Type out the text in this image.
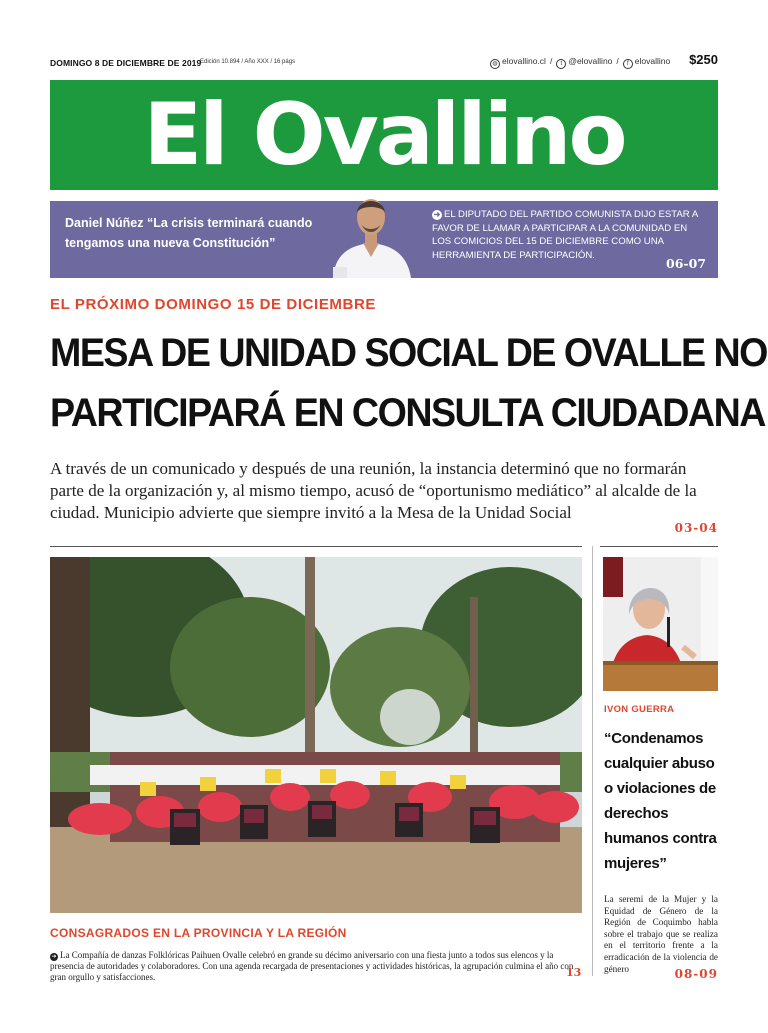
DOMINGO 8 DE DICIEMBRE DE 2019
Edición 10.894 / Año XXX / 16 págs	◍ elovallino.cl / t @elovallino / f elovallino $250
El Ovallino
Daniel Núñez “La crisis terminará cuando tengamos una nueva Constitución”
➜ EL DIPUTADO DEL PARTIDO COMUNISTA DIJO ESTAR A FAVOR DE LLAMAR A PARTICIPAR A LA COMUNIDAD EN LOS COMICIOS DEL 15 DE DICIEMBRE COMO UNA HERRAMIENTA DE PARTICIPACIÓN.
06-07
EL PRÓXIMO DOMINGO 15 DE DICIEMBRE
MESA DE UNIDAD SOCIAL DE OVALLE NO
PARTICIPARÁ EN CONSULTA CIUDADANA
A través de un comunicado y después de una reunión, la instancia determinó que no formarán parte de la organización y, al mismo tiempo, acusó de “oportunismo mediático” al alcalde de la ciudad. Municipio advierte que siempre invitó a la Mesa de la Unidad Social
03-04
CONSAGRADOS EN LA PROVINCIA Y LA REGIÓN
➜ La Compañía de danzas Folklóricas Paihuen Ovalle celebró en grande su décimo aniversario con una fiesta junto a todos sus elencos y la presencia de autoridades y colaboradores. Con una agenda recargada de presentaciones y actividades históricas, la agrupación culmina el año con gran orgullo y satisfacciones.	13
IVON GUERRA
“Condenamos cualquier abuso o violaciones de derechos humanos contra mujeres”
La seremi de la Mujer y la Equidad de Género de la Región de Coquimbo habla sobre el trabajo que se realiza en el territorio frente a la erradicación de la violencia de género	08-09
